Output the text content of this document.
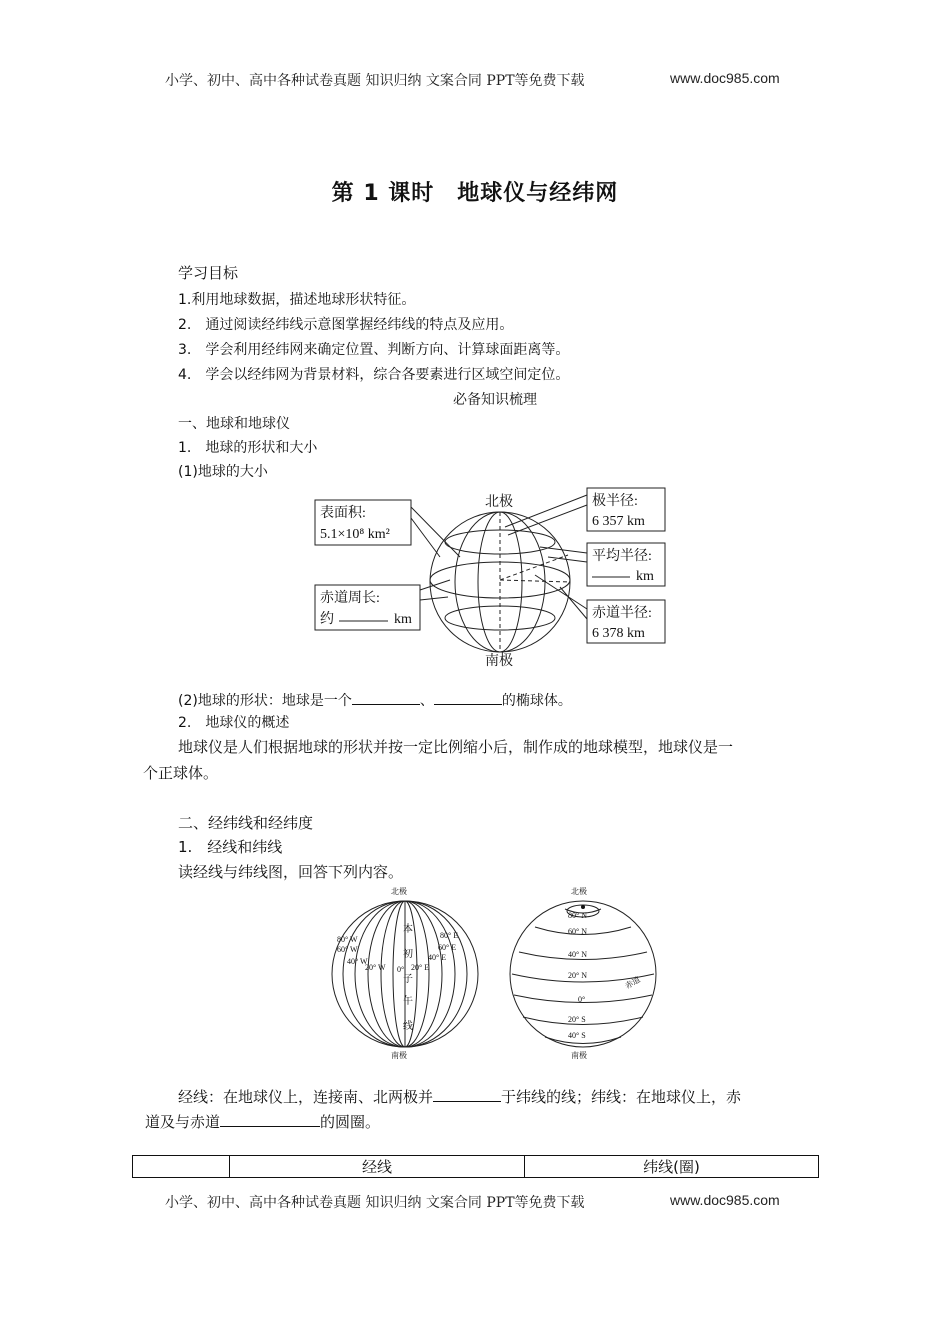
小学、初中、高中各种试卷真题 知识归纳 文案合同 PPT等免费下载	www.doc985.com
第 1 课时　地球仪与经纬网
学习目标
1.利用地球数据，描述地球形状特征。
2.　通过阅读经纬线示意图掌握经纬线的特点及应用。
3.　学会利用经纬网来确定位置、判断方向、计算球面距离等。
4.　学会以经纬网为背景材料，综合各要素进行区域空间定位。
必备知识梳理
一、地球和地球仪
1.　地球的形状和大小
(1)地球的大小
北极
南极
表面积:
5.1×10⁸ km²
赤道周长:
约	km
极半径:
6 357 km
平均半径:
km
赤道半径:
6 378 km
(2)地球的形状：地球是一个	、	的椭球体。
2.　地球仪的概述
地球仪是人们根据地球的形状并按一定比例缩小后，制作成的地球模型，地球仪是一
个正球体。
二、经纬线和经纬度
1.　经线和纬线
读经线与纬线图，回答下列内容。
北极
南极
80° W
60° W
40° W
20° W
80° E
60° E
40° E
20° E
0°
本
初
子
午
线
北极
南极
80° N
60° N
40° N
20° N
0°
20° S
40° S
赤道
经线：在地球仪上，连接南、北两极并	于纬线的线；纬线：在地球仪上，赤
道及与赤道	的圆圈。
	经线	纬线(圈)
小学、初中、高中各种试卷真题 知识归纳 文案合同 PPT等免费下载	www.doc985.com
